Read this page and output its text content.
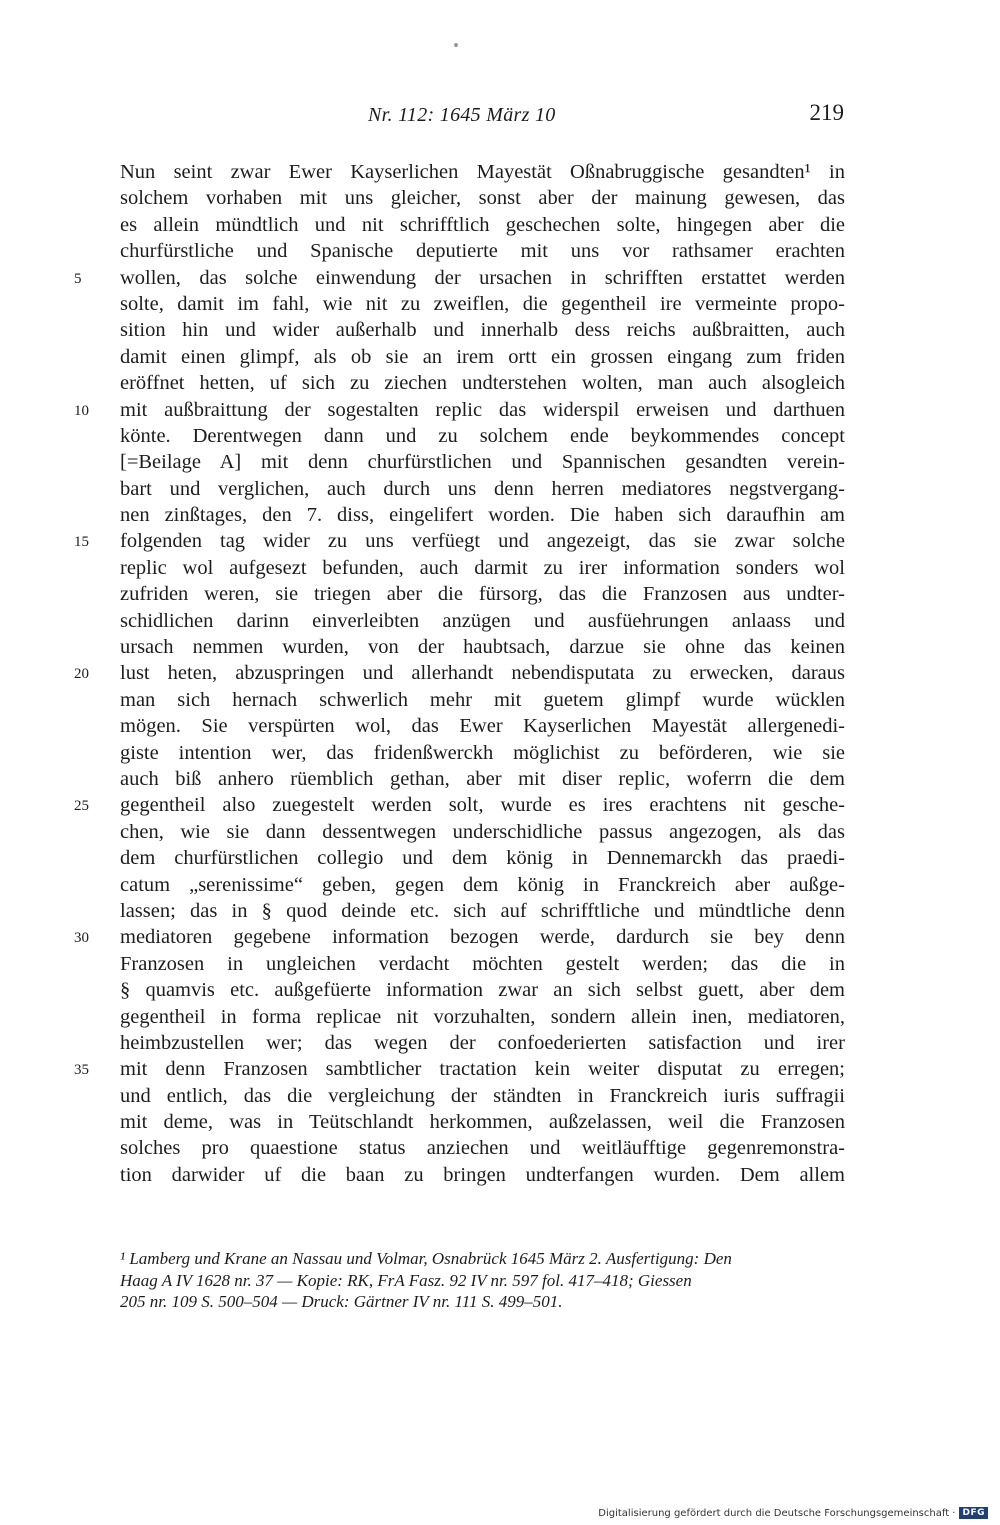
Nr. 112: 1645 März 10	219
Nun seint zwar Ewer Kayserlichen Mayestät Oßnabruggische gesandten¹ in
solchem vorhaben mit uns gleicher, sonst aber der mainung gewesen, das
es allein mündtlich und nit schrifftlich geschechen solte, hingegen aber die
churfürstliche und Spanische deputierte mit uns vor rathsamer erachten
5	wollen, das solche einwendung der ursachen in schrifften erstattet werden
solte, damit im fahl, wie nit zu zweiflen, die gegentheil ire vermeinte propo-
sition hin und wider außerhalb und innerhalb dess reichs außbraitten, auch
damit einen glimpf, als ob sie an irem ortt ein grossen eingang zum friden
eröffnet hetten, uf sich zu ziechen undterstehen wolten, man auch alsogleich
10	mit außbraittung der sogestalten replic das widerspil erweisen und darthuen
könte. Derentwegen dann und zu solchem ende beykommendes concept
[=Beilage A] mit denn churfürstlichen und Spannischen gesandten verein-
bart und verglichen, auch durch uns denn herren mediatores negstvergang-
nen zinßtages, den 7. diss, eingelifert worden. Die haben sich daraufhin am
15	folgenden tag wider zu uns verfüegt und angezeigt, das sie zwar solche
replic wol aufgesezt befunden, auch darmit zu irer information sonders wol
zufriden weren, sie triegen aber die fürsorg, das die Franzosen aus undter-
schidlichen darinn einverleibten anzügen und ausfüehrungen anlaass und
ursach nemmen wurden, von der haubtsach, darzue sie ohne das keinen
20	lust heten, abzuspringen und allerhandt nebendisputata zu erwecken, daraus
man sich hernach schwerlich mehr mit guetem glimpf wurde wücklen
mögen. Sie verspürten wol, das Ewer Kayserlichen Mayestät allergenedi-
giste intention wer, das fridenßwerckh möglichist zu beförderen, wie sie
auch biß anhero rüemblich gethan, aber mit diser replic, woferrn die dem
25	gegentheil also zuegestelt werden solt, wurde es ires erachtens nit gesche-
chen, wie sie dann dessentwegen underschidliche passus angezogen, als das
dem churfürstlichen collegio und dem könig in Dennemarckh das praedi-
catum „serenissime“ geben, gegen dem könig in Franckreich aber außge-
lassen; das in § quod deinde etc. sich auf schrifftliche und mündtliche denn
30	mediatoren gegebene information bezogen werde, dardurch sie bey denn
Franzosen in ungleichen verdacht möchten gestelt werden; das die in
§ quamvis etc. außgefüerte information zwar an sich selbst guett, aber dem
gegentheil in forma replicae nit vorzuhalten, sondern allein inen, mediatoren,
heimbzustellen wer; das wegen der confoederierten satisfaction und irer
35	mit denn Franzosen sambtlicher tractation kein weiter disputat zu erregen;
und entlich, das die vergleichung der ständten in Franckreich iuris suffragii
mit deme, was in Teütschlandt herkommen, außzelassen, weil die Franzosen
solches pro quaestione status anziechen und weitläufftige gegenremonstra-
tion darwider uf die baan zu bringen undterfangen wurden. Dem allem
¹ Lamberg und Krane an Nassau und Volmar, Osnabrück 1645 März 2. Ausfertigung: Den
Haag A IV 1628 nr. 37 — Kopie: RK, FrA Fasz. 92 IV nr. 597 fol. 417–418; Giessen
205 nr. 109 S. 500–504 — Druck: Gärtner IV nr. 111 S. 499–501.
Digitalisierung gefördert durch die Deutsche Forschungsgemeinschaft · DFG
